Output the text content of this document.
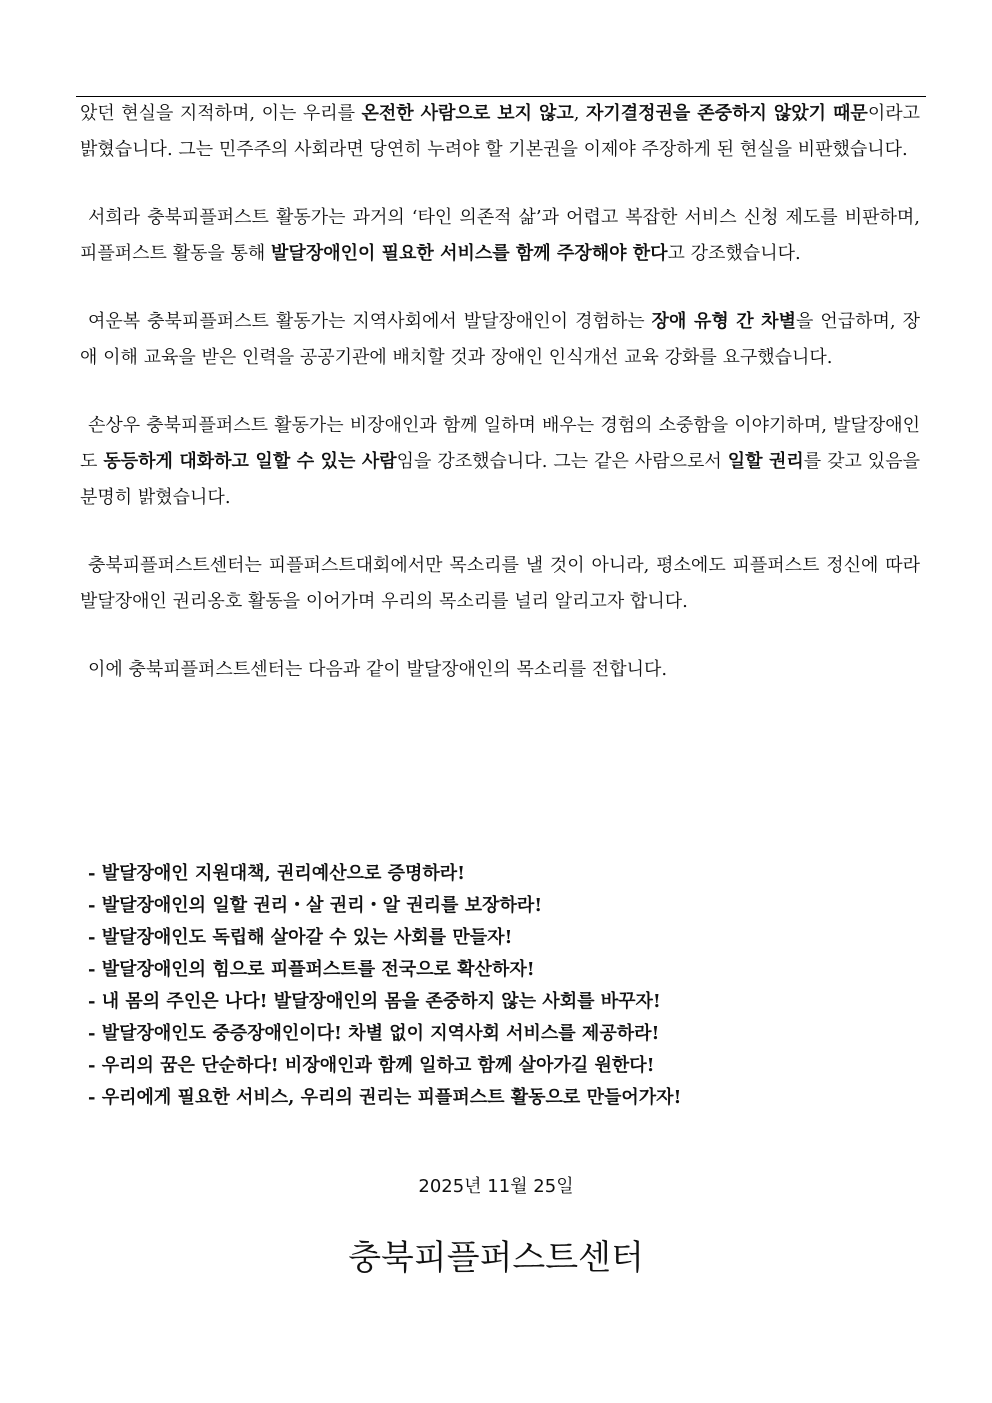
았던 현실을 지적하며, 이는 우리를 온전한 사람으로 보지 않고, 자기결정권을 존중하지 않았기 때문이라고 밝혔습니다. 그는 민주주의 사회라면 당연히 누려야 할 기본권을 이제야 주장하게 된 현실을 비판했습니다.

서희라 충북피플퍼스트 활동가는 과거의 ‘타인 의존적 삶’과 어렵고 복잡한 서비스 신청 제도를 비판하며, 피플퍼스트 활동을 통해 발달장애인이 필요한 서비스를 함께 주장해야 한다고 강조했습니다.

여운복 충북피플퍼스트 활동가는 지역사회에서 발달장애인이 경험하는 장애 유형 간 차별을 언급하며, 장애 이해 교육을 받은 인력을 공공기관에 배치할 것과 장애인 인식개선 교육 강화를 요구했습니다.

손상우 충북피플퍼스트 활동가는 비장애인과 함께 일하며 배우는 경험의 소중함을 이야기하며, 발달장애인도 동등하게 대화하고 일할 수 있는 사람임을 강조했습니다. 그는 같은 사람으로서 일할 권리를 갖고 있음을 분명히 밝혔습니다.

충북피플퍼스트센터는 피플퍼스트대회에서만 목소리를 낼 것이 아니라, 평소에도 피플퍼스트 정신에 따라 발달장애인 권리옹호 활동을 이어가며 우리의 목소리를 널리 알리고자 합니다.

이에 충북피플퍼스트센터는 다음과 같이 발달장애인의 목소리를 전합니다.

- 발달장애인 지원대책, 권리예산으로 증명하라!
- 발달장애인의 일할 권리・살 권리・알 권리를 보장하라!
- 발달장애인도 독립해 살아갈 수 있는 사회를 만들자!
- 발달장애인의 힘으로 피플퍼스트를 전국으로 확산하자!
- 내 몸의 주인은 나다! 발달장애인의 몸을 존중하지 않는 사회를 바꾸자!
- 발달장애인도 중증장애인이다! 차별 없이 지역사회 서비스를 제공하라!
- 우리의 꿈은 단순하다! 비장애인과 함께 일하고 함께 살아가길 원한다!
- 우리에게 필요한 서비스, 우리의 권리는 피플퍼스트 활동으로 만들어가자!
2025년 11월 25일
충북피플퍼스트센터
